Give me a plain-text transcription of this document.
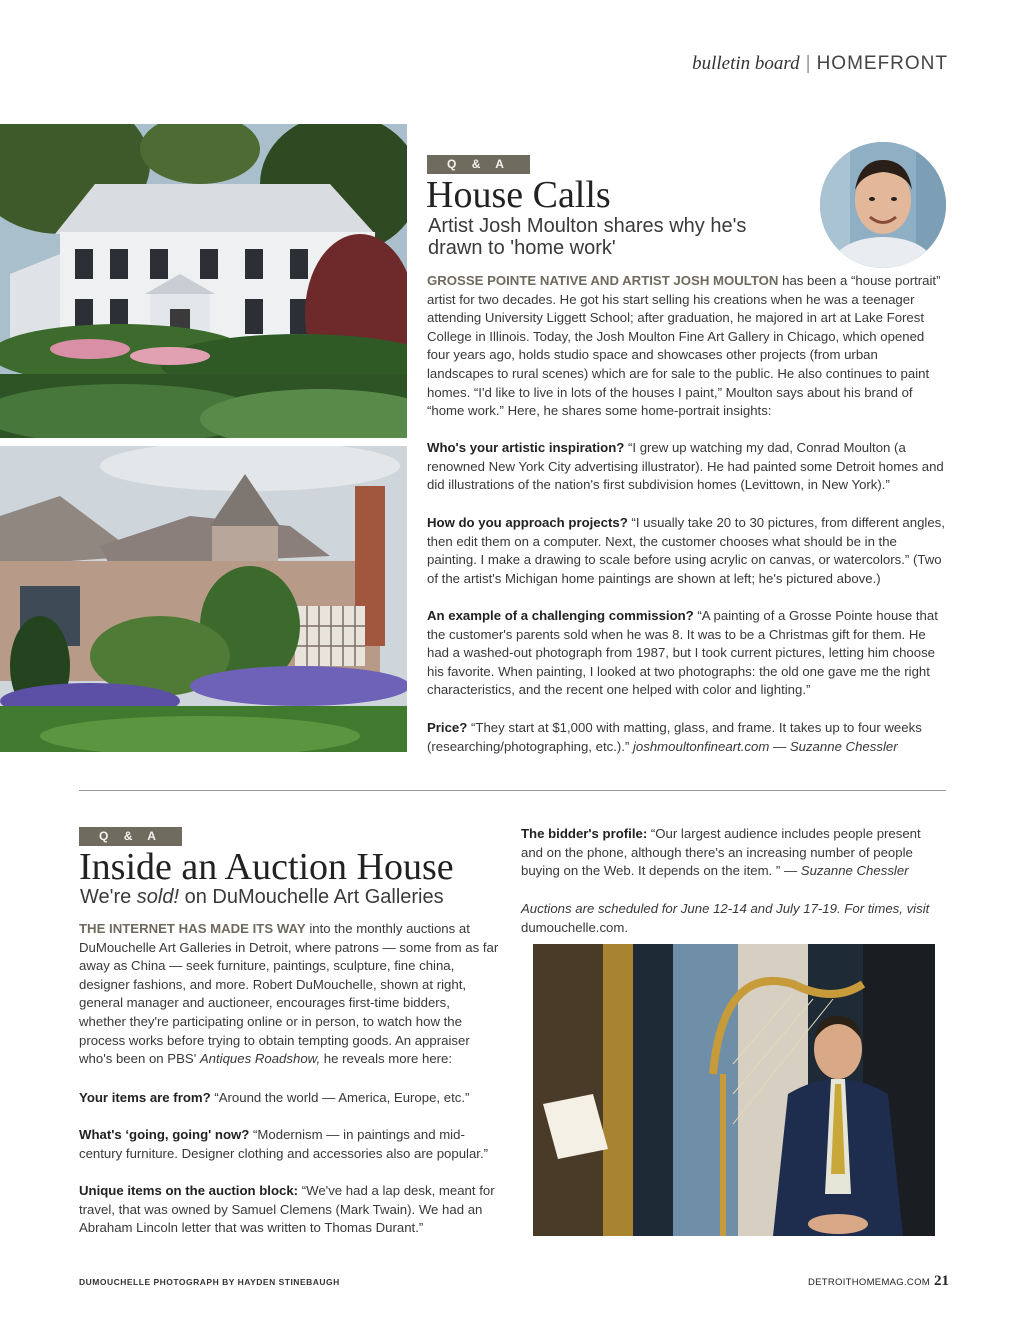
bulletin board | HOMEFRONT
Q & A
House Calls
Artist Josh Moulton shares why he's drawn to 'home work'
GROSSE POINTE NATIVE AND ARTIST JOSH MOULTON has been a “house portrait” artist for two decades. He got his start selling his creations when he was a teenager attending University Liggett School; after graduation, he majored in art at Lake Forest College in Illinois. Today, the Josh Moulton Fine Art Gallery in Chicago, which opened four years ago, holds studio space and showcases other projects (from urban landscapes to rural scenes) which are for sale to the public. He also continues to paint homes. “I'd like to live in lots of the houses I paint,” Moulton says about his brand of “home work.” Here, he shares some home-portrait insights:
Who's your artistic inspiration? “I grew up watching my dad, Conrad Moulton (a renowned New York City advertising illustrator). He had painted some Detroit homes and did illustrations of the nation's first subdivision homes (Levittown, in New York).”
How do you approach projects? “I usually take 20 to 30 pictures, from different angles, then edit them on a computer. Next, the customer chooses what should be in the painting. I make a drawing to scale before using acrylic on canvas, or watercolors.” (Two of the artist's Michigan home paintings are shown at left; he's pictured above.)
An example of a challenging commission? “A painting of a Grosse Pointe house that the customer's parents sold when he was 8. It was to be a Christmas gift for them. He had a washed-out photograph from 1987, but I took current pictures, letting him choose his favorite. When painting, I looked at two photographs: the old one gave me the right characteristics, and the recent one helped with color and lighting.”
Price? “They start at $1,000 with matting, glass, and frame. It takes up to four weeks (researching/photographing, etc.).” joshmoultonfineart.com — Suzanne Chessler
Q & A
Inside an Auction House
We're sold! on DuMouchelle Art Galleries
THE INTERNET HAS MADE ITS WAY into the monthly auctions at DuMouchelle Art Galleries in Detroit, where patrons — some from as far away as China — seek furniture, paintings, sculpture, fine china, designer fashions, and more. Robert DuMouchelle, shown at right, general manager and auctioneer, encourages first-time bidders, whether they're participating online or in person, to watch how the process works before trying to obtain tempting goods. An appraiser who's been on PBS' Antiques Roadshow, he reveals more here:
Your items are from? “Around the world — America, Europe, etc.”
What's ‘going, going' now? “Modernism — in paintings and mid-century furniture. Designer clothing and accessories also are popular.”
Unique items on the auction block: “We've had a lap desk, meant for travel, that was owned by Samuel Clemens (Mark Twain). We had an Abraham Lincoln letter that was written to Thomas Durant.”
The bidder's profile: “Our largest audience includes people present and on the phone, although there's an increasing number of people buying on the Web. It depends on the item. ” — Suzanne Chessler
Auctions are scheduled for June 12-14 and July 17-19. For times, visit
dumouchelle.com.
DUMOUCHELLE PHOTOGRAPH BY HAYDEN STINEBAUGH	DETROITHOMEMAG.COM 21
